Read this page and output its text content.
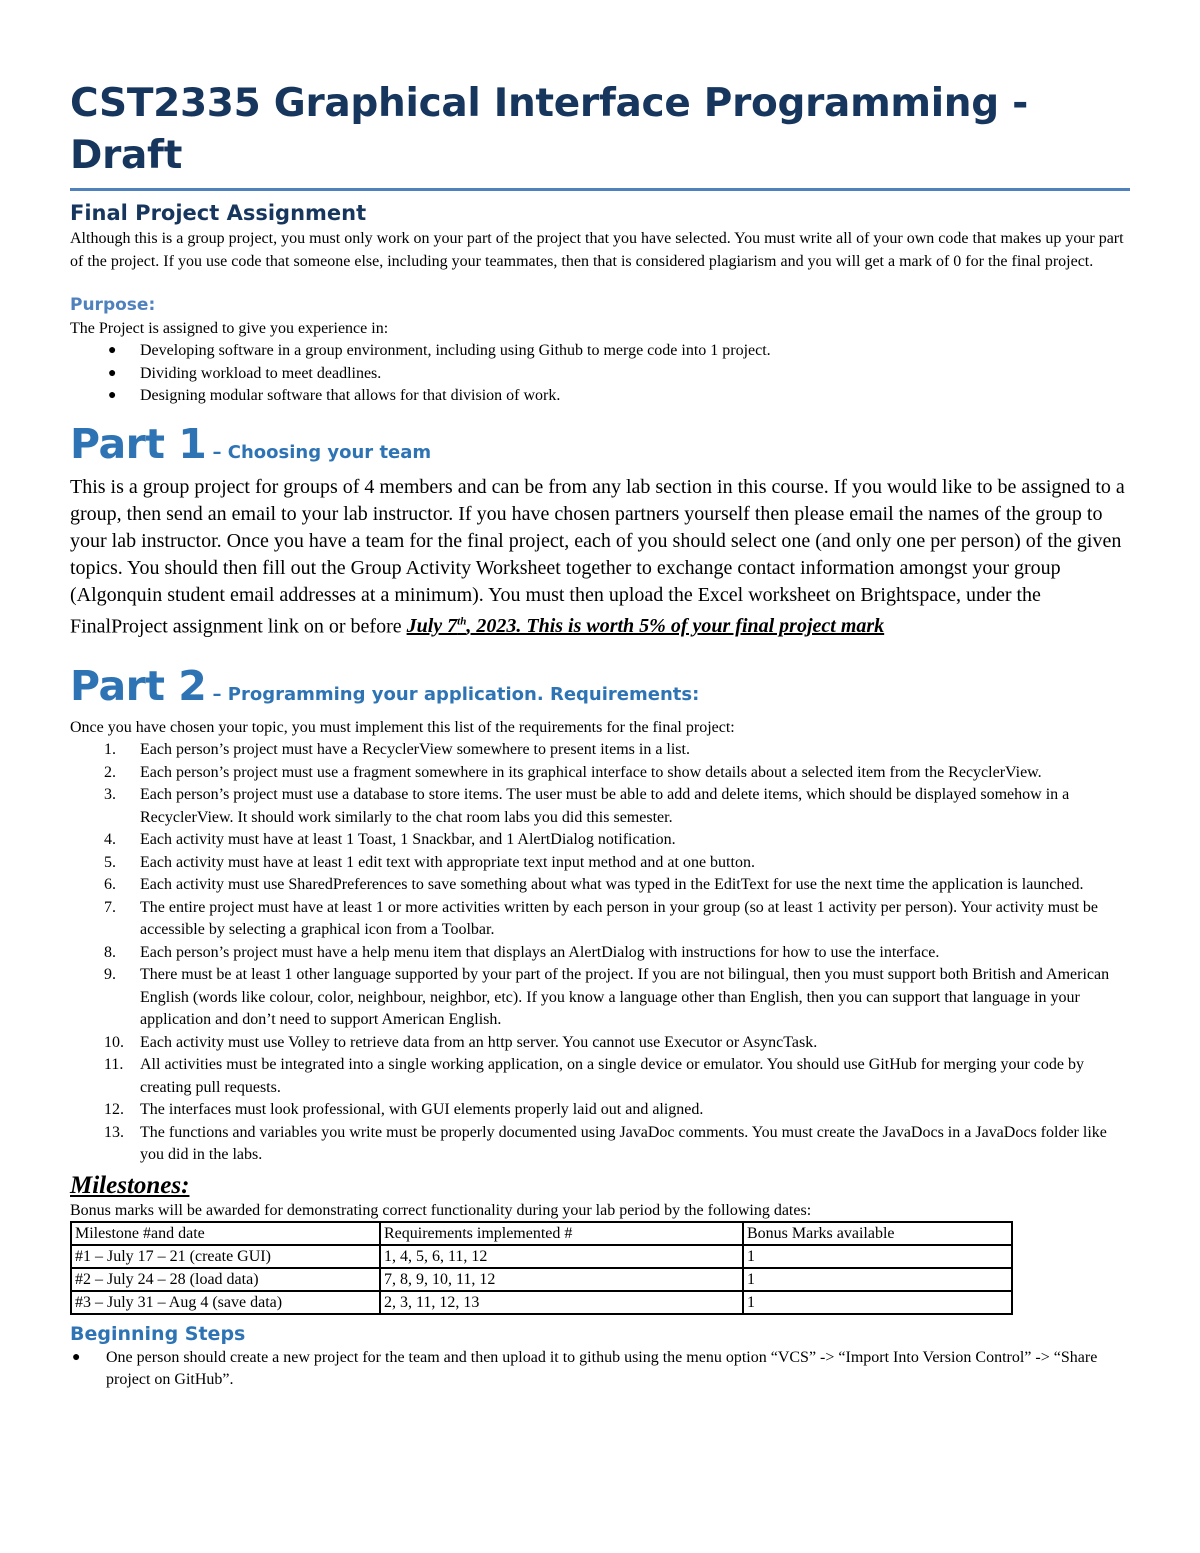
CST2335 Graphical Interface Programming - Draft
Final Project Assignment

Although this is a group project, you must only work on your part of the project that you have selected. You must write all of your own code that makes up your part of the project. If you use code that someone else, including your teammates, then that is considered plagiarism and you will get a mark of 0 for the final project.

Purpose:

The Project is assigned to give you experience in:

● Developing software in a group environment, including using Github to merge code into 1 project.
● Dividing workload to meet deadlines.
● Designing modular software that allows for that division of work.
Part 1 – Choosing your team

This is a group project for groups of 4 members and can be from any lab section in this course. If you would like to be assigned to a group, then send an email to your lab instructor. If you have chosen partners yourself then please email the names of the group to your lab instructor. Once you have a team for the final project, each of you should select one (and only one per person) of the given topics. You should then fill out the Group Activity Worksheet together to exchange contact information amongst your group (Algonquin student email addresses at a minimum). You must then upload the Excel worksheet on Brightspace, under the FinalProject assignment link on or before July 7th, 2023. This is worth 5% of your final project mark

Part 2 – Programming your application. Requirements:

Once you have chosen your topic, you must implement this list of the requirements for the final project:

1. Each person’s project must have a RecyclerView somewhere to present items in a list.
2. Each person’s project must use a fragment somewhere in its graphical interface to show details about a selected item from the RecyclerView.
3. Each person’s project must use a database to store items. The user must be able to add and delete items, which should be displayed somehow in a RecyclerView. It should work similarly to the chat room labs you did this semester.
4. Each activity must have at least 1 Toast, 1 Snackbar, and 1 AlertDialog notification.
5. Each activity must have at least 1 edit text with appropriate text input method and at one button.
6. Each activity must use SharedPreferences to save something about what was typed in the EditText for use the next time the application is launched.
7. The entire project must have at least 1 or more activities written by each person in your group (so at least 1 activity per person). Your activity must be accessible by selecting a graphical icon from a Toolbar.
8. Each person’s project must have a help menu item that displays an AlertDialog with instructions for how to use the interface.
9. There must be at least 1 other language supported by your part of the project. If you are not bilingual, then you must support both British and American English (words like colour, color, neighbour, neighbor, etc). If you know a language other than English, then you can support that language in your application and don’t need to support American English.
10. Each activity must use Volley to retrieve data from an http server. You cannot use Executor or AsyncTask.
11. All activities must be integrated into a single working application, on a single device or emulator. You should use GitHub for merging your code by creating pull requests.
12. The interfaces must look professional, with GUI elements properly laid out and aligned.
13. The functions and variables you write must be properly documented using JavaDoc comments. You must create the JavaDocs in a JavaDocs folder like you did in the labs.
Milestones:

Bonus marks will be awarded for demonstrating correct functionality during your lab period by the following dates:

Milestone #and date	Requirements implemented #	Bonus Marks available
#1 – July 17 – 21 (create GUI)	1, 4, 5, 6, 11, 12	1
#2 – July 24 – 28 (load data)	7, 8, 9, 10, 11, 12	1
#3 – July 31 – Aug 4 (save data)	2, 3, 11, 12, 13	1
Beginning Steps
● One person should create a new project for the team and then upload it to github using the menu option “VCS” -> “Import Into Version Control” -> “Share project on GitHub”.
